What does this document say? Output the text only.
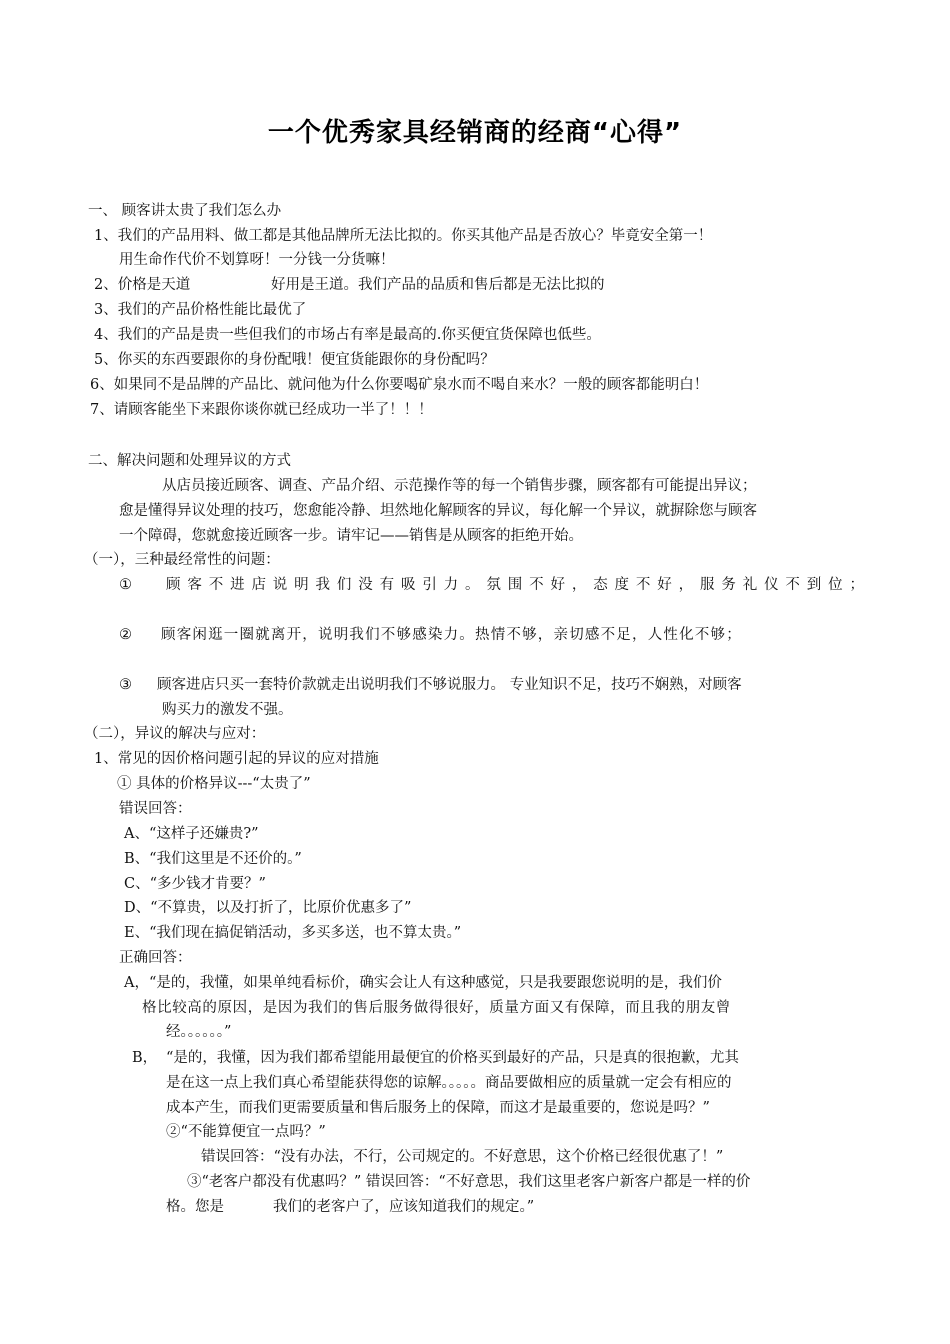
一个优秀家具经销商的经商“心得”
一、 顾客讲太贵了我们怎么办
1、我们的产品用料、做工都是其他品牌所无法比拟的。你买其他产品是否放心？毕竟安全第一！
用生命作代价不划算呀！一分钱一分货嘛！
2、价格是天道	好用是王道。我们产品的品质和售后都是无法比拟的
3、我们的产品价格性能比最优了
4、我们的产品是贵一些但我们的市场占有率是最高的.你买便宜货保障也低些。
5、你买的东西要跟你的身份配哦！便宜货能跟你的身份配吗？
6、如果同不是品牌的产品比、就问他为什么你要喝矿泉水而不喝自来水？一般的顾客都能明白！
7、请顾客能坐下来跟你谈你就已经成功一半了！！！
二、解决问题和处理异议的方式
从店员接近顾客、调查、产品介绍、示范操作等的每一个销售步骤，顾客都有可能提出异议；
愈是懂得异议处理的技巧，您愈能冷静、坦然地化解顾客的异议，每化解一个异议，就摒除您与顾客
一个障碍，您就愈接近顾客一步。请牢记——销售是从顾客的拒绝开始。
（一），三种最经常性的问题：
① 顾 客 不 进 店 说 明 我 们 没 有 吸 引 力 。 氛 围 不 好 ， 态 度 不 好 ， 服 务 礼 仪 不 到 位 ；
② 顾客闲逛一圈就离开，说明我们不够感染力。热情不够，亲切感不足，人性化不够；
③ 顾客进店只买一套特价款就走出说明我们不够说服力。 专业知识不足，技巧不娴熟，对顾客
购买力的激发不强。
（二），异议的解决与应对：
1、常见的因价格问题引起的异议的应对措施
① 具体的价格异议---“太贵了”
错误回答：
A、“这样子还嫌贵?”
B、“我们这里是不还价的。”
C、“多少钱才肯要？”
D、“不算贵，以及打折了，比原价优惠多了”
E、“我们现在搞促销活动，多买多送，也不算太贵。”
正确回答：
A，“是的，我懂，如果单纯看标价，确实会让人有这种感觉，只是我要跟您说明的是，我们价
格比较高的原因，是因为我们的售后服务做得很好，质量方面又有保障，而且我的朋友曾
经。。。。。。”
B， “是的，我懂，因为我们都希望能用最便宜的价格买到最好的产品，只是真的很抱歉，尤其
是在这一点上我们真心希望能获得您的谅解。。。。。商品要做相应的质量就一定会有相应的
成本产生，而我们更需要质量和售后服务上的保障，而这才是最重要的，您说是吗？”
②“不能算便宜一点吗？”
错误回答：“没有办法，不行，公司规定的。不好意思，这个价格已经很优惠了！”
③“老客户都没有优惠吗？” 错误回答：“不好意思，我们这里老客户新客户都是一样的价
格。您是	我们的老客户了，应该知道我们的规定。”
